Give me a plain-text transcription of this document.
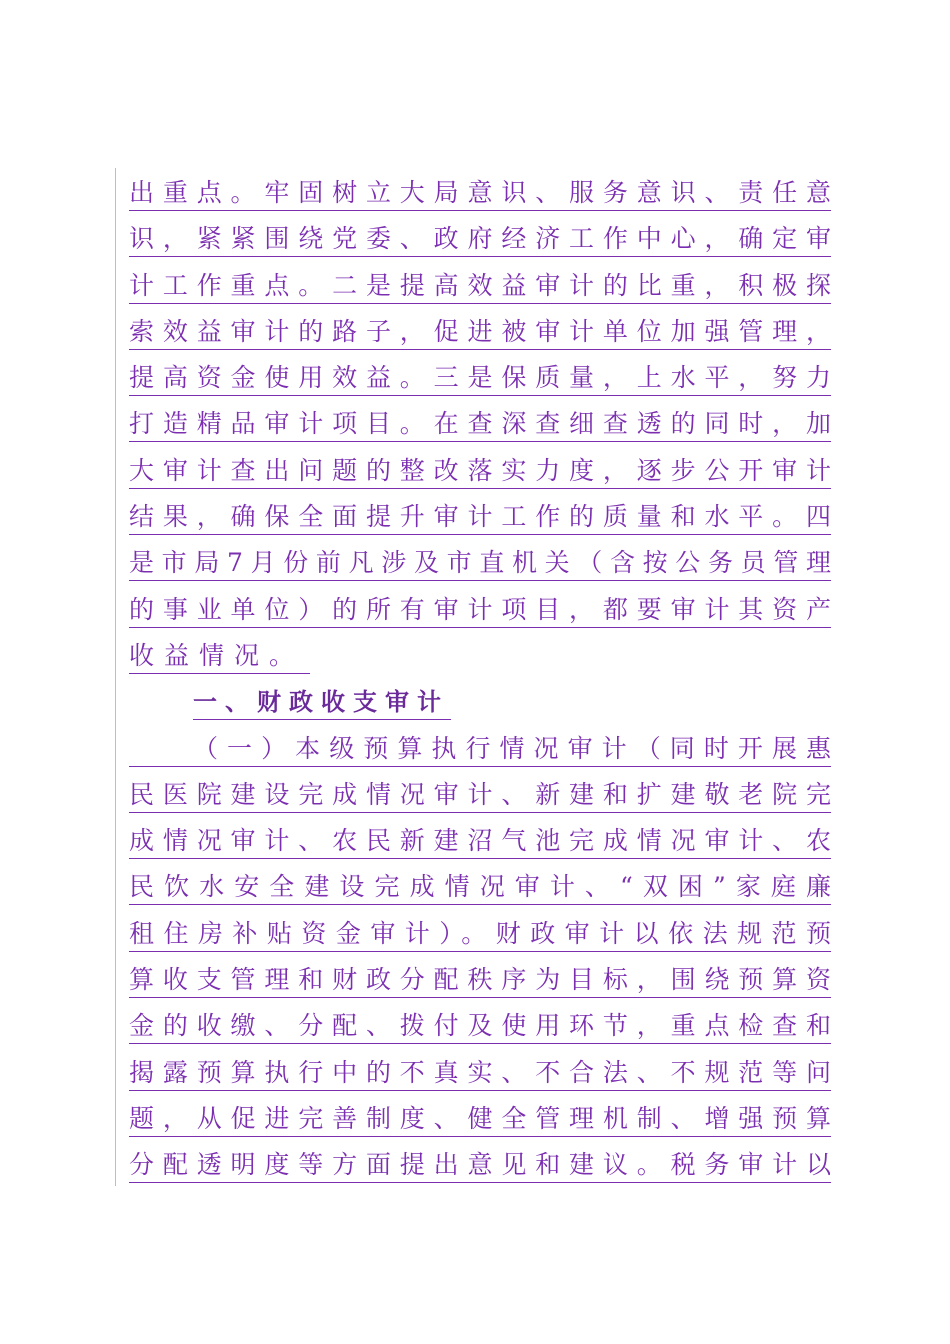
出重点。牢固树立大局意识、服务意识、责任意
识，紧紧围绕党委、政府经济工作中心，确定审
计工作重点。二是提高效益审计的比重，积极探
索效益审计的路子，促进被审计单位加强管理，
提高资金使用效益。三是保质量，上水平，努力
打造精品审计项目。在查深查细查透的同时，加
大审计查出问题的整改落实力度，逐步公开审计
结果，确保全面提升审计工作的质量和水平。四
是市局7月份前凡涉及市直机关（含按公务员管理
的事业单位）的所有审计项目，都要审计其资产
收益情况。
一、财政收支审计
（一）本级预算执行情况审计（同时开展惠
民医院建设完成情况审计、新建和扩建敬老院完
成情况审计、农民新建沼气池完成情况审计、农
民饮水安全建设完成情况审计、“双困”家庭廉
租住房补贴资金审计）。财政审计以依法规范预
算收支管理和财政分配秩序为目标，围绕预算资
金的收缴、分配、拨付及使用环节，重点检查和
揭露预算执行中的不真实、不合法、不规范等问
题，从促进完善制度、健全管理机制、增强预算
分配透明度等方面提出意见和建议。税务审计以
